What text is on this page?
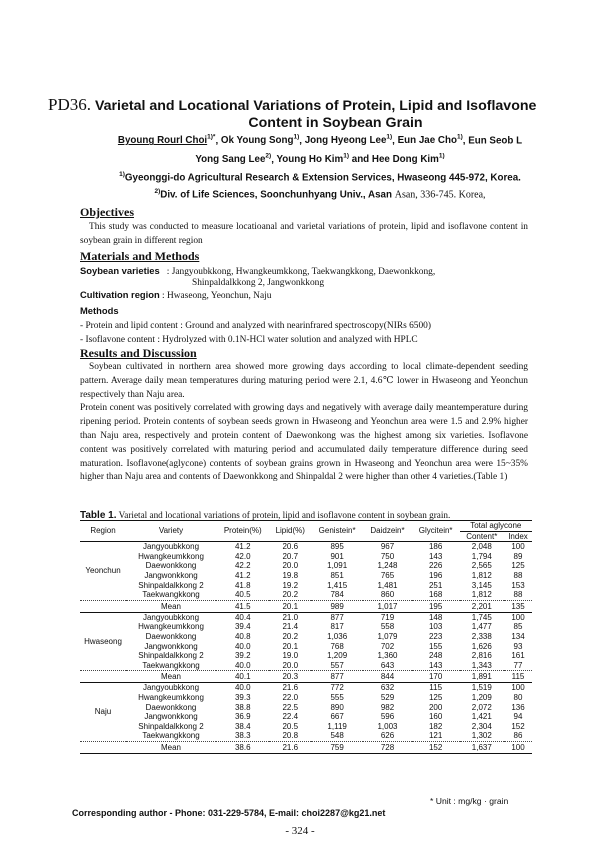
PD36. Varietal and Locational Variations of Protein, Lipid and Isoflavone
Content in Soybean Grain
Byoung Rourl Choi$^{1)*}$, Ok Young Song$^{1)}$, Jong Hyeong Lee$^{1)}$, Eun Jae Cho$^{1)}$, Eun Seob L
Yong Sang Lee$^{2)}$, Young Ho Kim$^{1)}$ and Hee Dong Kim$^{1)}$
$^{1)}$Gyeonggi-do Agricultural Research & Extension Services, Hwaseong 445-972, Korea.
$^{2)}$Div. of Life Sciences, Soonchunhyang Univ., Asan Asan, 336-745. Korea,
Objectives

This study was conducted to measure locatioanal and varietal variations of protein, lipid and isoflavone content in soybean grain in different region

Materials and Methods

Soybean varieties : Jangyoubkkong, Hwangkeumkkong, Taekwangkkong, Daewonkkong,

Shinpaldalkkong 2, Jangwonkkong

Cultivation region : Hwaseong, Yeonchun, Naju

Methods

- Protein and lipid content : Ground and analyzed with nearinfrared spectroscopy(NIRs 6500)

- Isoflavone content : Hydrolyzed with 0.1N-HCl water solution and analyzed with HPLC

Results and Discussion

Soybean cultivated in northern area showed more growing days according to local climate-dependent seeding pattern. Average daily mean temperatures during maturing period were 2.1, 4.6℃ lower in Hwaseong and Yeonchun respectively than Naju area.

Protein conent was positively correlated with growing days and negatively with average daily meantemperature during ripening period. Protein contents of soybean seeds grown in Hwaseong and Yeonchun area were 1.5 and 2.9% higher than Naju area, respectively and protein content of Daewonkong was the highest among six varieties. Isoflavone content was positively correlated with maturing period and accumulated daily temperature difference during seed maturation. Isoflavone(aglycone) contents of soybean grains grown in Hwaseong and Yeonchun area were 15~35% higher than Naju area and contents of Daewonkkong and Shinpaldal 2 were higher than other 4 varieties.(Table 1)

Table 1. Varietal and locational variations of protein, lipid and isoflavone content in soybean grain.
Region	Variety	Protein(%)	Lipid(%)	Genistein*	Daidzein*	Glycitein*	Total aglycone	
							Content*	Index
Yeonchun	Jangyoubkkong	41.2	20.6	895	967	186	2,048	100
	Hwangkeumkkong	42.0	20.7	901	750	143	1,794	89
	Daewonkkong	42.2	20.0	1,091	1,248	226	2,565	125
	Jangwonkkong	41.2	19.8	851	765	196	1,812	88
	Shinpaldalkkong 2	41.8	19.2	1,415	1,481	251	3,145	153
	Taekwangkkong	40.5	20.2	784	860	168	1,812	88
	Mean	41.5	20.1	989	1,017	195	2,201	135
Hwaseong	Jangyoubkkong	40.4	21.0	877	719	148	1,745	100
	Hwangkeumkkong	39.4	21.4	817	558	103	1,477	85
	Daewonkkong	40.8	20.2	1,036	1,079	223	2,338	134
	Jangwonkkong	40.0	20.1	768	702	155	1,626	93
	Shinpaldalkkong 2	39.2	19.0	1,209	1,360	248	2,816	161
	Taekwangkkong	40.0	20.0	557	643	143	1,343	77
	Mean	40.1	20.3	877	844	170	1,891	115
Naju	Jangyoubkkong	40.0	21.6	772	632	115	1,519	100
	Hwangkeumkkong	39.3	22.0	555	529	125	1,209	80
	Daewonkkong	38.8	22.5	890	982	200	2,072	136
	Jangwonkkong	36.9	22.4	667	596	160	1,421	94
	Shinpaldalkkong 2	38.4	20.5	1,119	1,003	182	2,304	152
	Taekwangkkong	38.3	20.8	548	626	121	1,302	86
	Mean	38.6	21.6	759	728	152	1,637	100
* Unit : mg/kg · grain
Corresponding author - Phone: 031-229-5784, E-mail: choi2287@kg21.net
- 324 -
